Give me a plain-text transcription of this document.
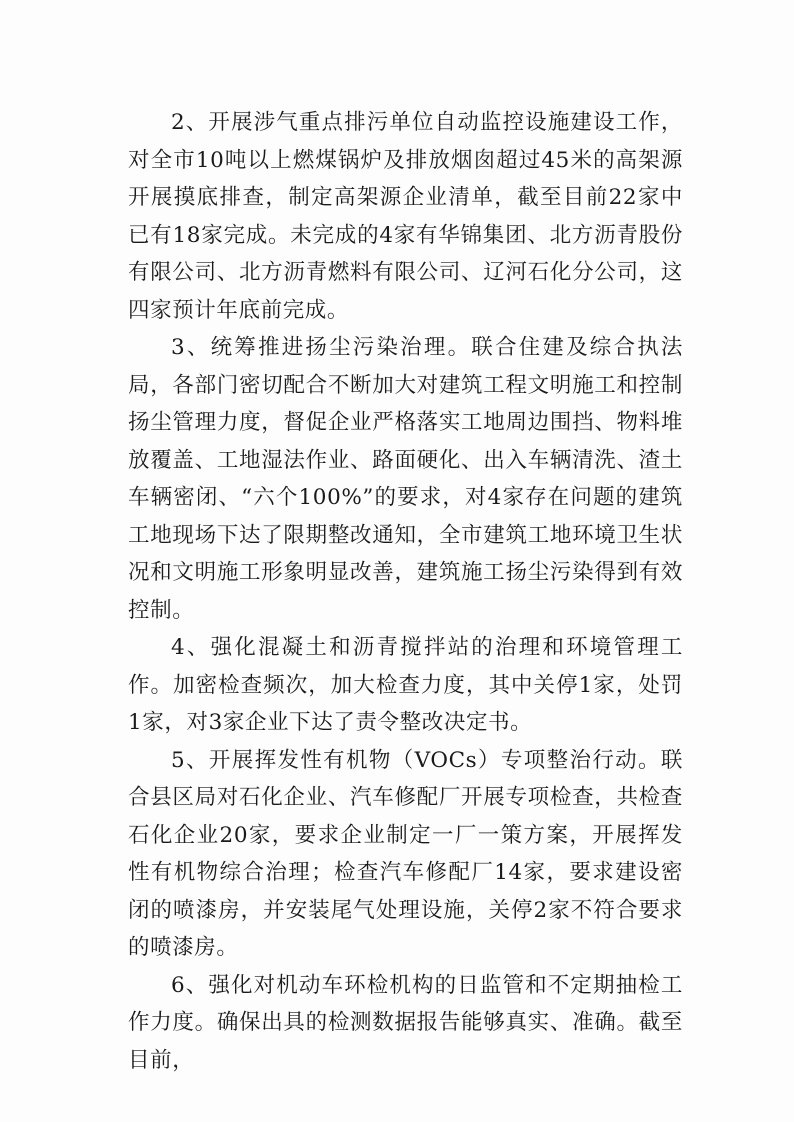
2、开展涉气重点排污单位自动监控设施建设工作，对全市10吨以上燃煤锅炉及排放烟囱超过45米的高架源开展摸底排查，制定高架源企业清单，截至目前22家中已有18家完成。未完成的4家有华锦集团、北方沥青股份有限公司、北方沥青燃料有限公司、辽河石化分公司，这四家预计年底前完成。

3、统筹推进扬尘污染治理。联合住建及综合执法局，各部门密切配合不断加大对建筑工程文明施工和控制扬尘管理力度，督促企业严格落实工地周边围挡、物料堆放覆盖、工地湿法作业、路面硬化、出入车辆清洗、渣土车辆密闭、“六个100%”的要求，对4家存在问题的建筑工地现场下达了限期整改通知，全市建筑工地环境卫生状况和文明施工形象明显改善，建筑施工扬尘污染得到有效控制。

4、强化混凝土和沥青搅拌站的治理和环境管理工作。加密检查频次，加大检查力度，其中关停1家，处罚1家，对3家企业下达了责令整改决定书。

5、开展挥发性有机物（VOCs）专项整治行动。联合县区局对石化企业、汽车修配厂开展专项检查，共检查石化企业20家，要求企业制定一厂一策方案，开展挥发性有机物综合治理；检查汽车修配厂14家，要求建设密闭的喷漆房，并安装尾气处理设施，关停2家不符合要求的喷漆房。

6、强化对机动车环检机构的日监管和不定期抽检工作力度。确保出具的检测数据报告能够真实、准确。截至目前，
